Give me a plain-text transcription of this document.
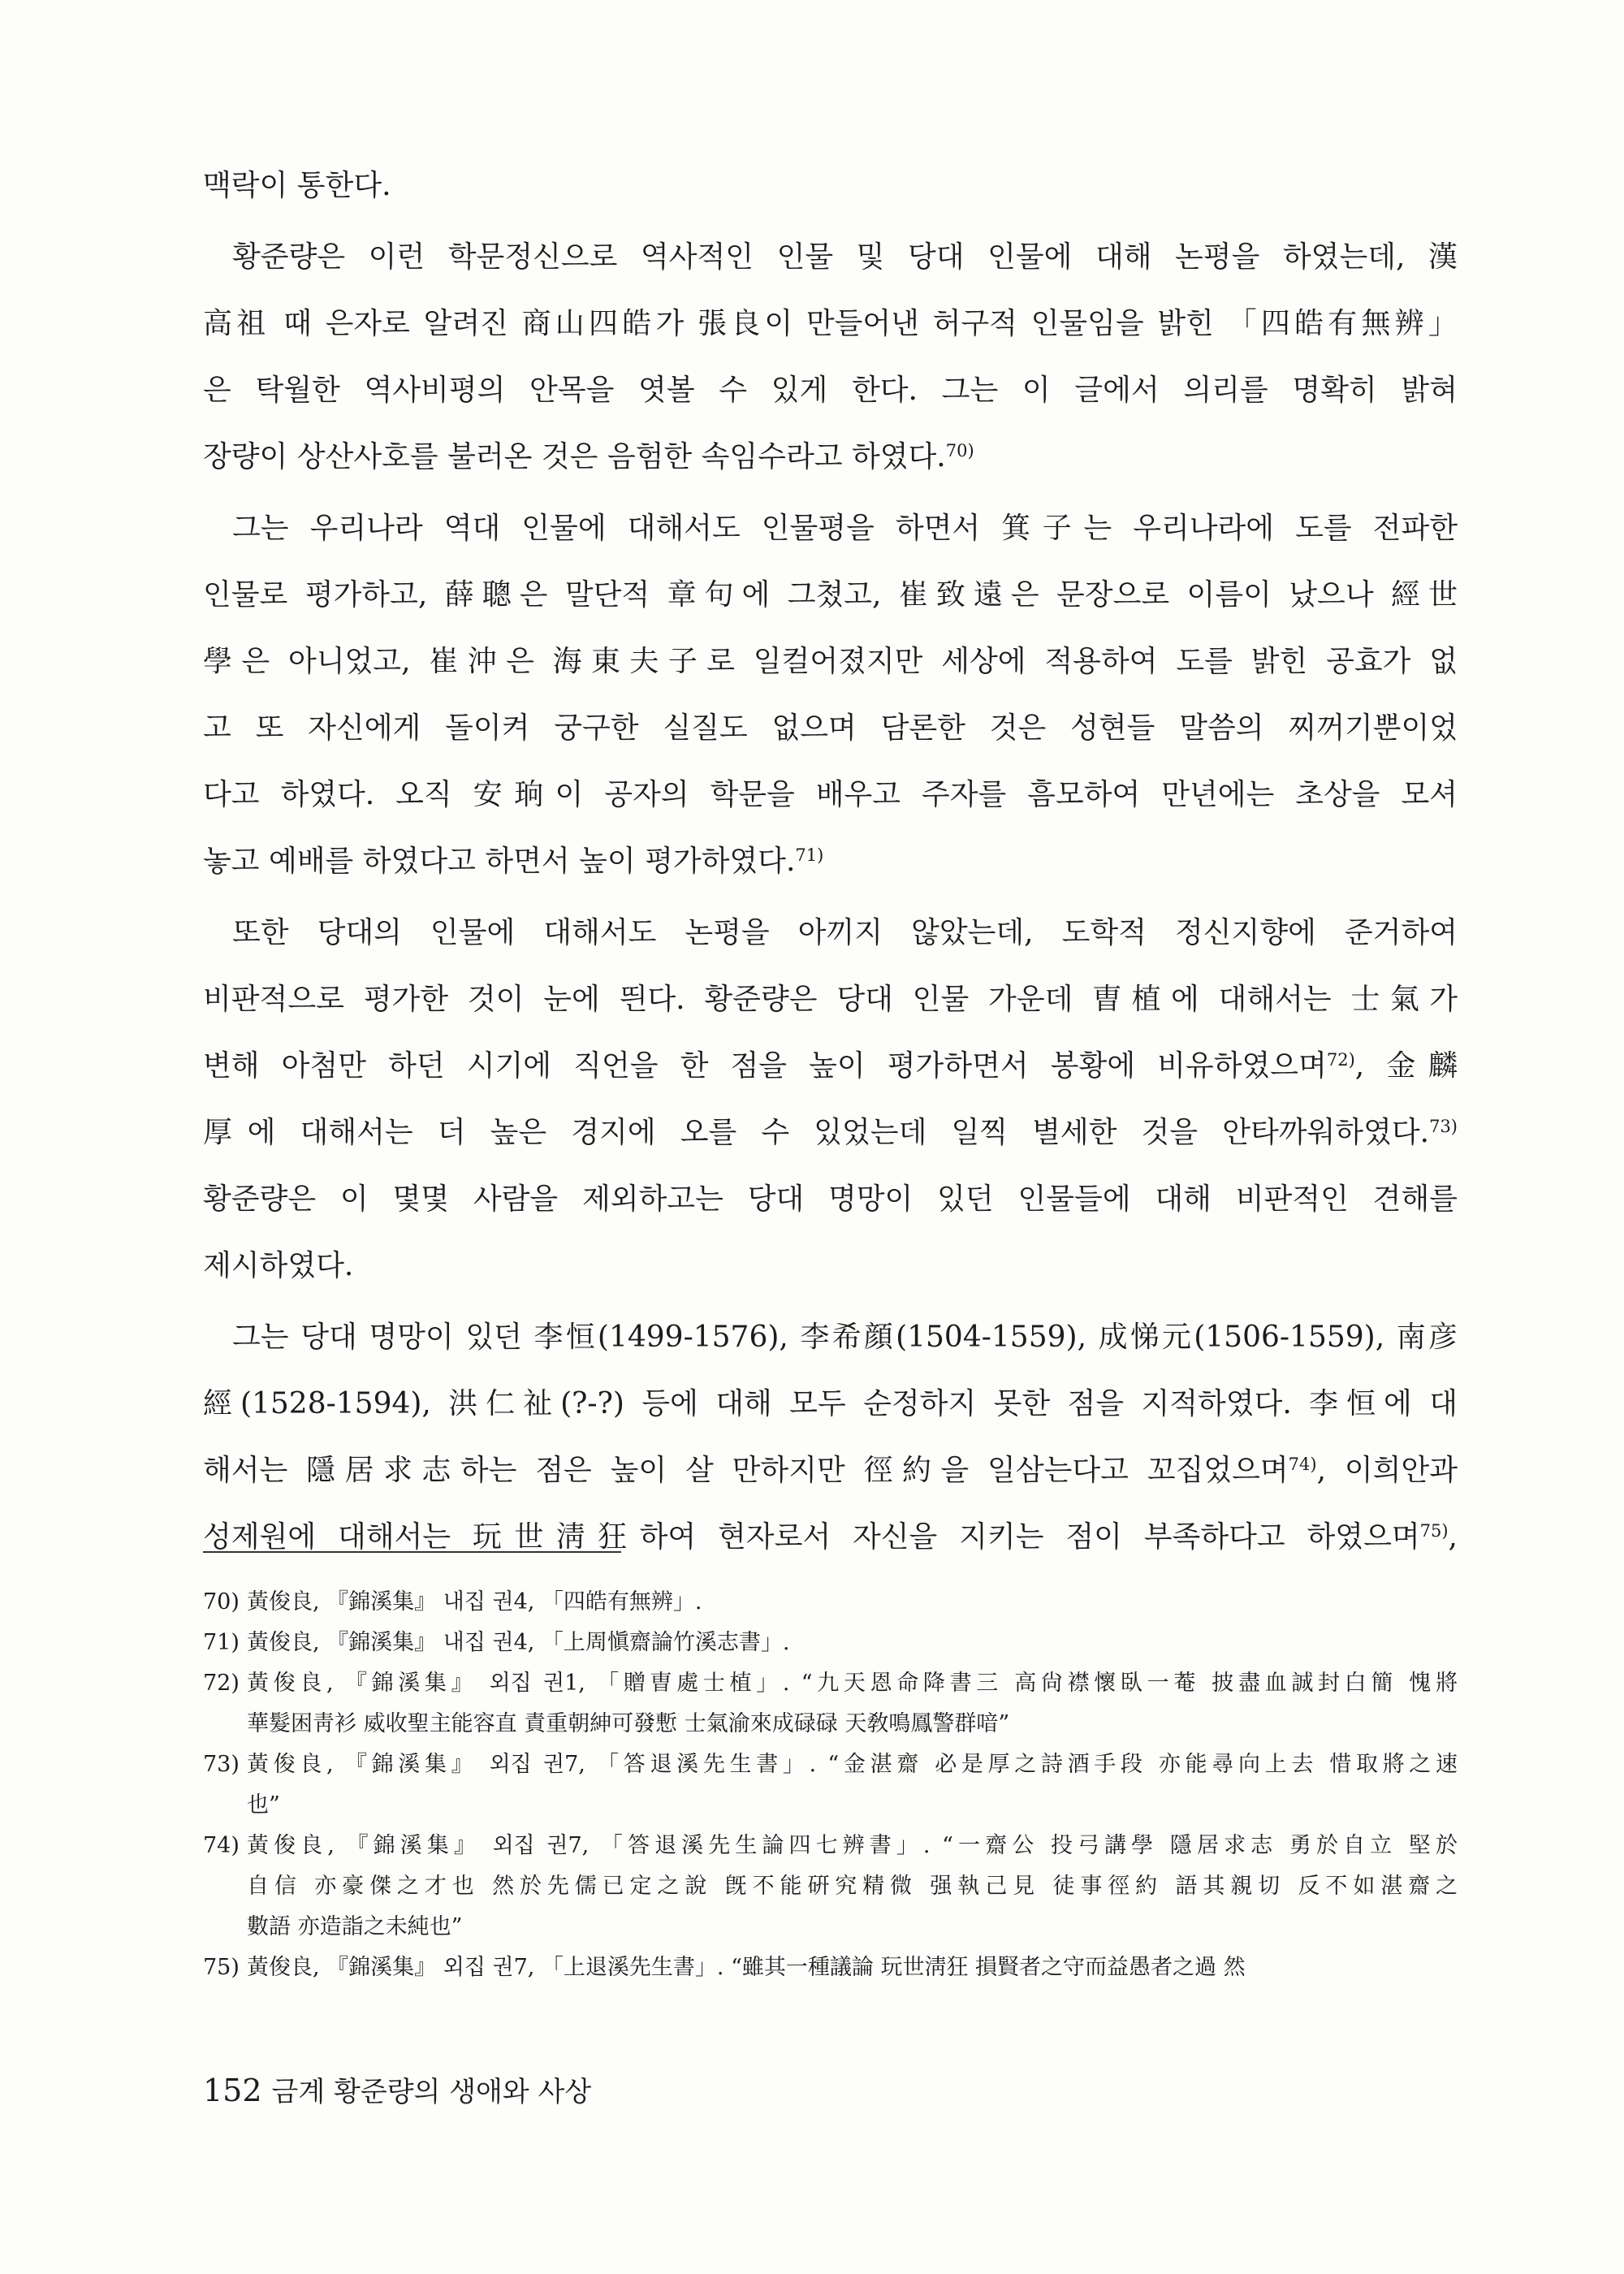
맥락이 통한다.
황준량은 이런 학문정신으로 역사적인 인물 및 당대 인물에 대해 논평을 하였는데, 漢
高祖 때 은자로 알려진 商山四皓가 張良이 만들어낸 허구적 인물임을 밝힌 「四皓有無辨」
은 탁월한 역사비평의 안목을 엿볼 수 있게 한다. 그는 이 글에서 의리를 명확히 밝혀
장량이 상산사호를 불러온 것은 음험한 속임수라고 하였다.$^{70)}$
그는 우리나라 역대 인물에 대해서도 인물평을 하면서 箕子는 우리나라에 도를 전파한
인물로 평가하고, 薛聰은 말단적 章句에 그쳤고, 崔致遠은 문장으로 이름이 났으나 經世
學은 아니었고, 崔沖은 海東夫子로 일컬어졌지만 세상에 적용하여 도를 밝힌 공효가 없
고 또 자신에게 돌이켜 궁구한 실질도 없으며 담론한 것은 성현들 말씀의 찌꺼기뿐이었
다고 하였다. 오직 安珦이 공자의 학문을 배우고 주자를 흠모하여 만년에는 초상을 모셔
놓고 예배를 하였다고 하면서 높이 평가하였다.$^{71)}$
또한 당대의 인물에 대해서도 논평을 아끼지 않았는데, 도학적 정신지향에 준거하여
비판적으로 평가한 것이 눈에 띈다. 황준량은 당대 인물 가운데 曺植에 대해서는 士氣가
변해 아첨만 하던 시기에 직언을 한 점을 높이 평가하면서 봉황에 비유하였으며$^{72)}$, 金麟
厚에 대해서는 더 높은 경지에 오를 수 있었는데 일찍 별세한 것을 안타까워하였다.$^{73)}$
황준량은 이 몇몇 사람을 제외하고는 당대 명망이 있던 인물들에 대해 비판적인 견해를
제시하였다.
그는 당대 명망이 있던 李恒(1499-1576), 李希顔(1504-1559), 成悌元(1506-1559), 南彦
經(1528-1594), 洪仁祉(?-?) 등에 대해 모두 순정하지 못한 점을 지적하였다. 李恒에 대
해서는 隱居求志하는 점은 높이 살 만하지만 徑約을 일삼는다고 꼬집었으며$^{74)}$, 이희안과
성제원에 대해서는 玩世淸狂하여 현자로서 자신을 지키는 점이 부족하다고 하였으며$^{75)}$,
70) 黃俊良, 『錦溪集』 내집 권4, 「四皓有無辨」.
71) 黃俊良, 『錦溪集』 내집 권4, 「上周愼齋論竹溪志書」.
72) 黃俊良, 『錦溪集』 외집 권1, 「贈曺處士植」. “九天恩命降書三 高尙襟懷臥一菴 披盡血誠封白簡 愧將
華髮困靑衫 威收聖主能容直 責重朝紳可發慙 士氣渝來成碌碌 天敎鳴鳳警群喑”
73) 黃俊良, 『錦溪集』 외집 권7, 「答退溪先生書」. “金湛齋 必是厚之詩酒手段 亦能尋向上去 惜取將之速
也”
74) 黃俊良, 『錦溪集』 외집 권7, 「答退溪先生論四七辨書」. “一齋公 投弓講學 隱居求志 勇於自立 堅於
自信 亦豪傑之才也 然於先儒已定之說 旣不能硏究精微 强執己見 徒事徑約 語其親切 反不如湛齋之
數語 亦造詣之未純也”
75) 黃俊良, 『錦溪集』 외집 권7, 「上退溪先生書」. “雖其一種議論 玩世淸狂 損賢者之守而益愚者之過 然
152 금계 황준량의 생애와 사상
